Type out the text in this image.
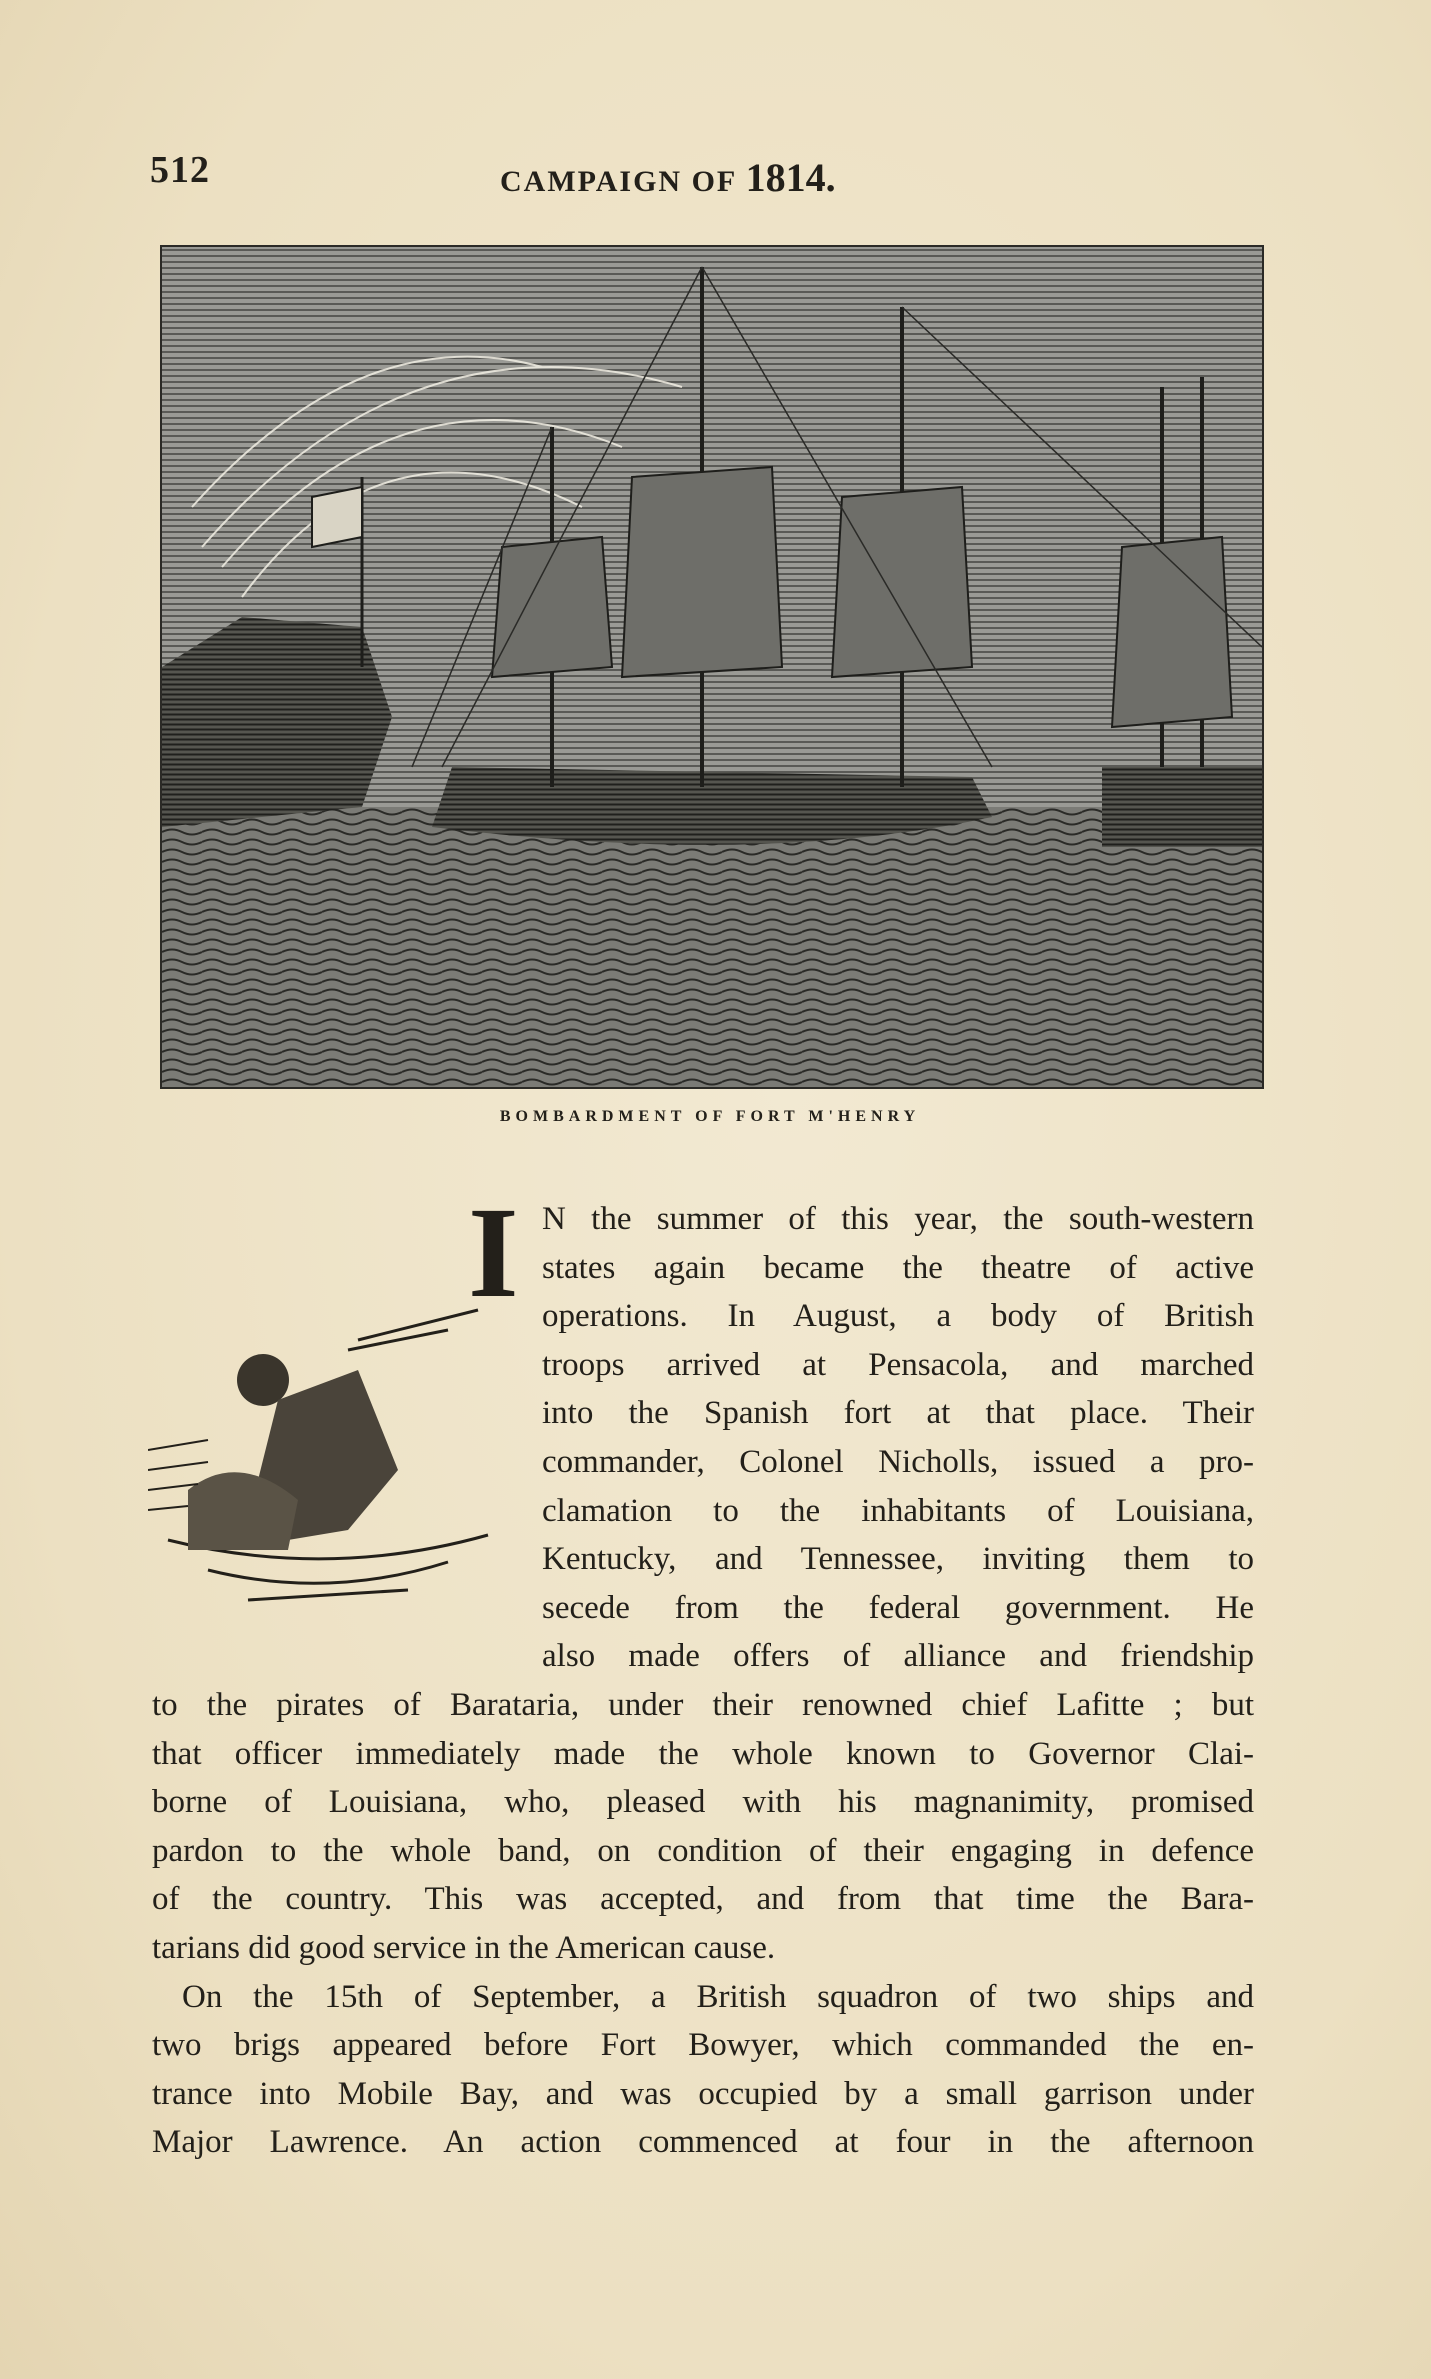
512	CAMPAIGN OF 1814.
BOMBARDMENT OF FORT M'HENRY
I N the summer of this year, the south-western
states again became the theatre of active
operations. In August, a body of British
troops arrived at Pensacola, and marched
into the Spanish fort at that place. Their
commander, Colonel Nicholls, issued a pro-
clamation to the inhabitants of Louisiana,
Kentucky, and Tennessee, inviting them to
secede from the federal government. He
also made offers of alliance and friendship
to the pirates of Barataria, under their renowned chief Lafitte ; but
that officer immediately made the whole known to Governor Clai-
borne of Louisiana, who, pleased with his magnanimity, promised
pardon to the whole band, on condition of their engaging in defence
of the country. This was accepted, and from that time the Bara-
tarians did good service in the American cause.
On the 15th of September, a British squadron of two ships and
two brigs appeared before Fort Bowyer, which commanded the en-
trance into Mobile Bay, and was occupied by a small garrison under
Major Lawrence. An action commenced at four in the afternoon
